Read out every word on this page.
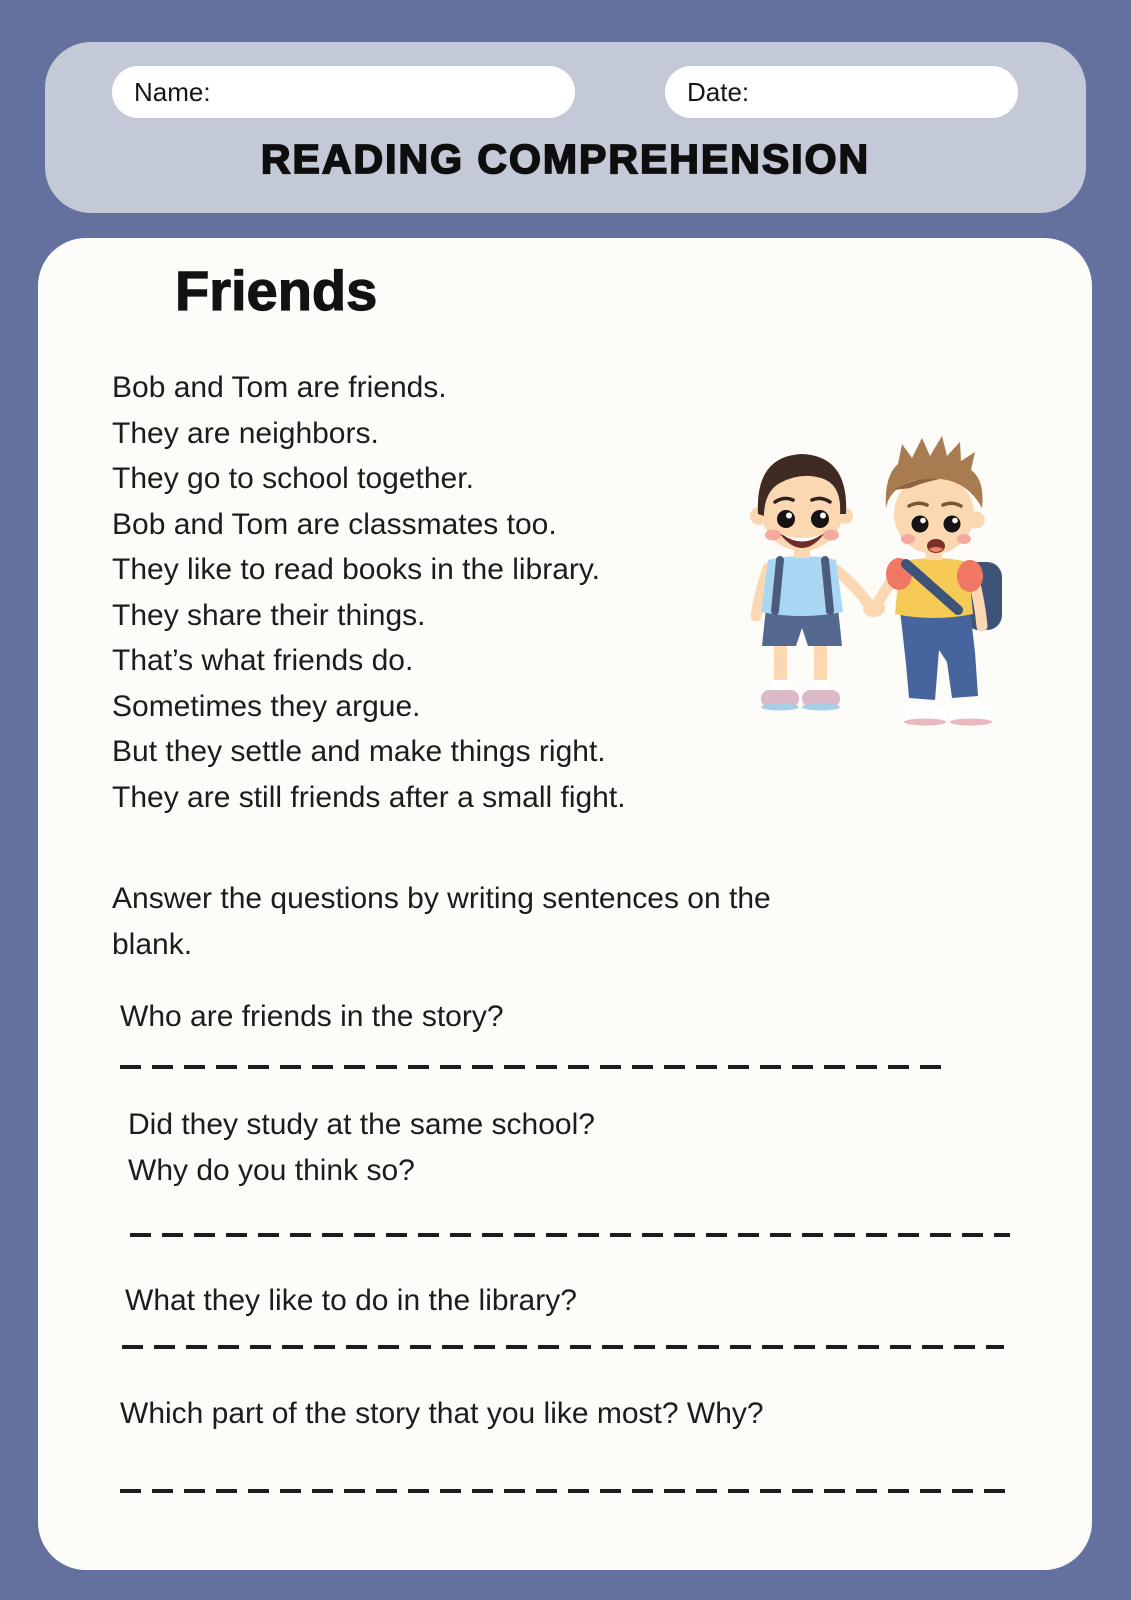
Name:	Date:
READING COMPREHENSION
Friends
Bob and Tom are friends.
They are neighbors.
They go to school together.
Bob and Tom are classmates too.
They like to read books in the library.
They share their things.
That’s what friends do.
Sometimes they argue.
But they settle and make things right.
They are still friends after a small fight.
Answer the questions by writing sentences on the
blank.
Who are friends in the story?
Did they study at the same school?
Why do you think so?
What they like to do in the library?
Which part of the story that you like most? Why?
